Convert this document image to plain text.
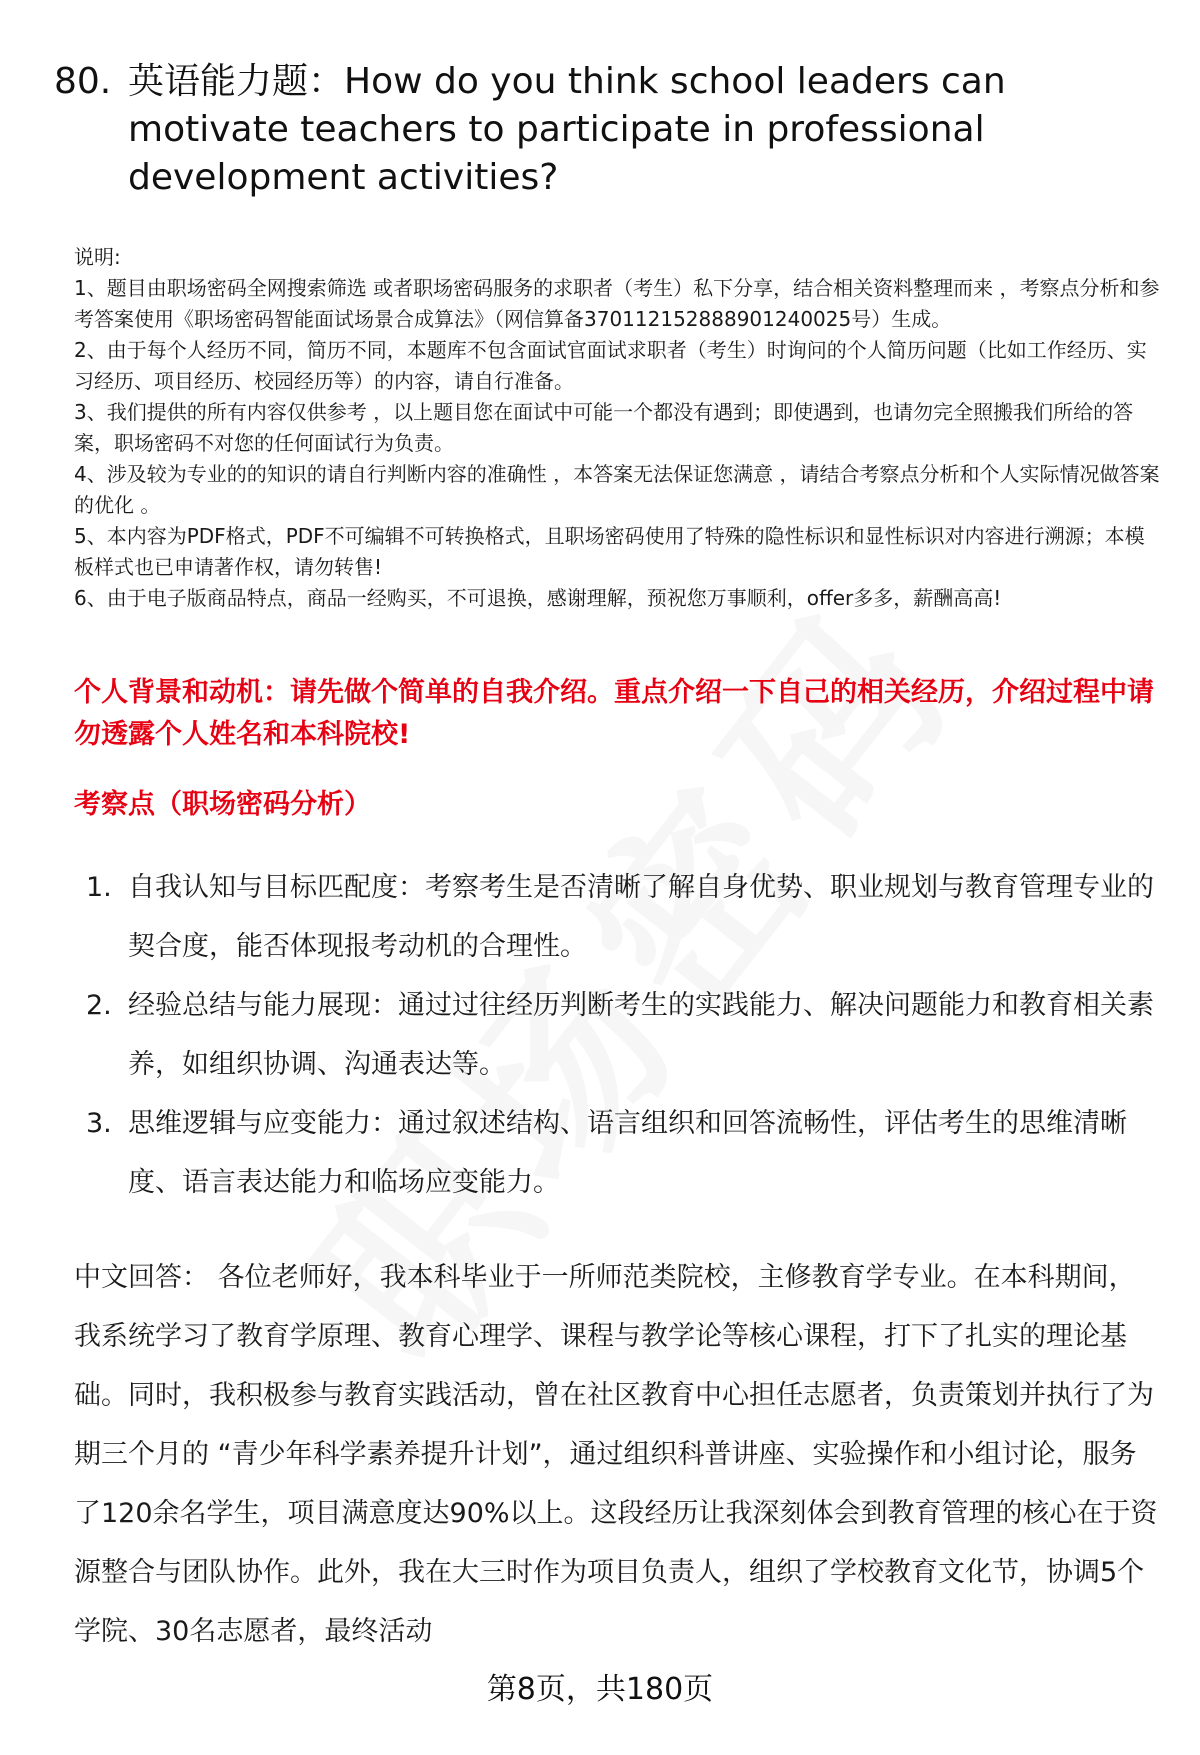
80. 英语能力题：How do you think school leaders can motivate teachers to participate in professional development activities?
说明:
1、题目由职场密码全网搜索筛选 或者职场密码服务的求职者（考生）私下分享，结合相关资料整理而来 ，考察点分析和参考答案使用《职场密码智能面试场景合成算法》（网信算备370112152888901240025号）生成。
2、由于每个人经历不同，简历不同，本题库不包含面试官面试求职者（考生）时询问的个人简历问题（比如工作经历、实习经历、项目经历、校园经历等）的内容，请自行准备。
3、我们提供的所有内容仅供参考 ，以上题目您在面试中可能一个都没有遇到；即使遇到，也请勿完全照搬我们所给的答案，职场密码不对您的任何面试行为负责。
4、涉及较为专业的的知识的请自行判断内容的准确性 ，本答案无法保证您满意 ，请结合考察点分析和个人实际情况做答案的优化 。
5、本内容为PDF格式，PDF不可编辑不可转换格式，且职场密码使用了特殊的隐性标识和显性标识对内容进行溯源；本模板样式也已申请著作权，请勿转售!
6、由于电子版商品特点，商品一经购买，不可退换，感谢理解，预祝您万事顺利，offer多多，薪酬高高!
个人背景和动机：请先做个简单的自我介绍。重点介绍一下自己的相关经历，介绍过程中请勿透露个人姓名和本科院校!
考察点（职场密码分析）
1. 自我认知与目标匹配度：考察考生是否清晰了解自身优势、职业规划与教育管理专业的契合度，能否体现报考动机的合理性。
2. 经验总结与能力展现：通过过往经历判断考生的实践能力、解决问题能力和教育相关素养，如组织协调、沟通表达等。
3. 思维逻辑与应变能力：通过叙述结构、语言组织和回答流畅性，评估考生的思维清晰度、语言表达能力和临场应变能力。
中文回答： 各位老师好，我本科毕业于一所师范类院校，主修教育学专业。在本科期间，我系统学习了教育学原理、教育心理学、课程与教学论等核心课程，打下了扎实的理论基础。同时，我积极参与教育实践活动，曾在社区教育中心担任志愿者，负责策划并执行了为期三个月的 “青少年科学素养提升计划”，通过组织科普讲座、实验操作和小组讨论，服务了120余名学生，项目满意度达90%以上。这段经历让我深刻体会到教育管理的核心在于资源整合与团队协作。此外，我在大三时作为项目负责人，组织了学校教育文化节，协调5个学院、30名志愿者，最终活动
第8页，共180页
